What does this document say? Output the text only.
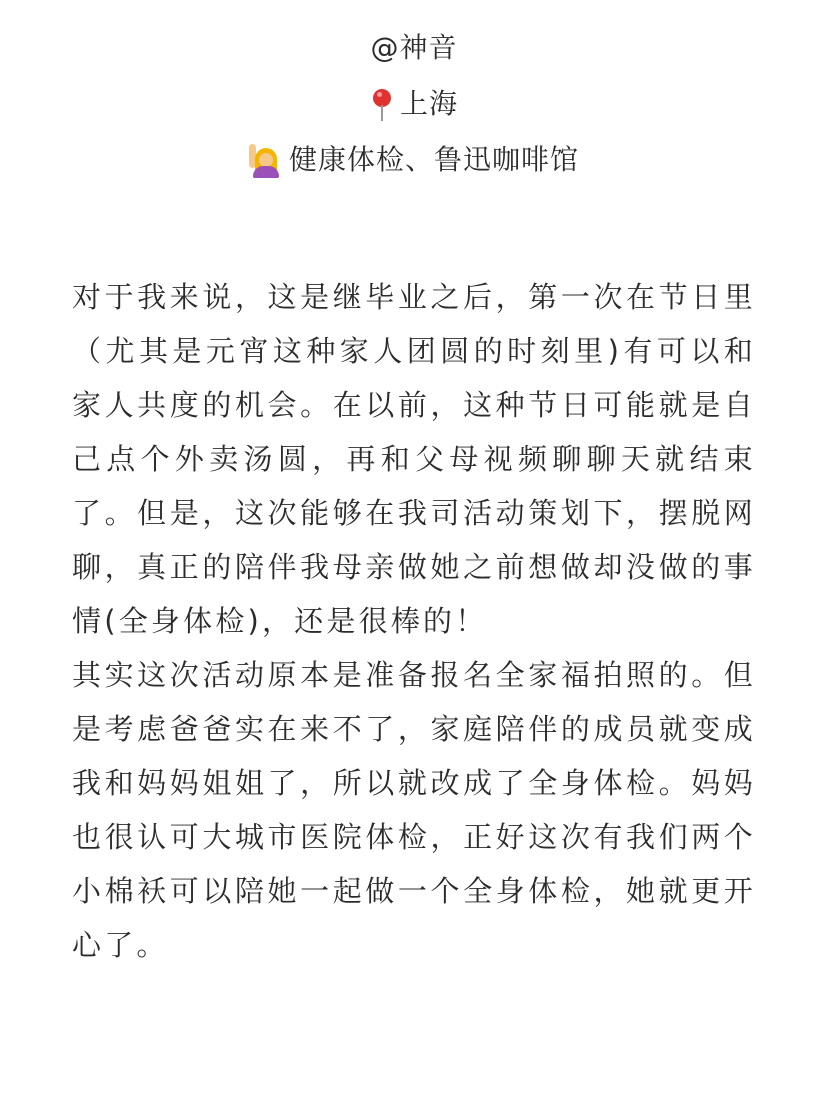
@神音
上海
健康体检、鲁迅咖啡馆

对于我来说，这是继毕业之后，第一次在节日里（尤其是元宵这种家人团圆的时刻里)有可以和家人共度的机会。在以前，这种节日可能就是自己点个外卖汤圆，再和父母视频聊聊天就结束了。但是，这次能够在我司活动策划下，摆脱网聊，真正的陪伴我母亲做她之前想做却没做的事情(全身体检)，还是很棒的！

其实这次活动原本是准备报名全家福拍照的。但是考虑爸爸实在来不了，家庭陪伴的成员就变成我和妈妈姐姐了，所以就改成了全身体检。妈妈也很认可大城市医院体检，正好这次有我们两个小棉袄可以陪她一起做一个全身体检，她就更开心了。
